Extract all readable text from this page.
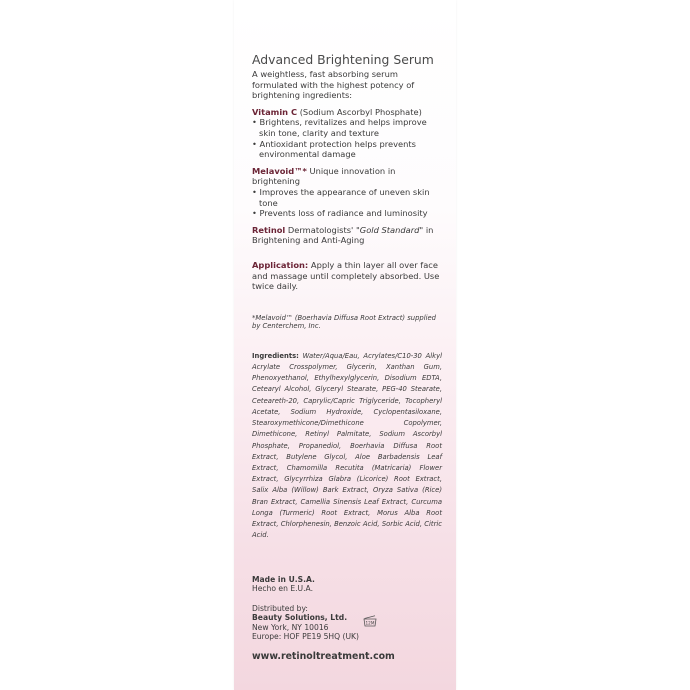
Advanced Brightening Serum

A weightless, fast absorbing serum formulated with the highest potency of brightening ingredients:

Vitamin C (Sodium Ascorbyl Phosphate)

• Brightens, revitalizes and helps improve skin tone, clarity and texture
• Antioxidant protection helps prevents environmental damage

Melavoid™* Unique innovation in brightening

• Improves the appearance of uneven skin tone
• Prevents loss of radiance and luminosity

Retinol Dermatologists' "Gold Standard" in Brightening and Anti-Aging

Application: Apply a thin layer all over face and massage until completely absorbed. Use twice daily.

*Melavoid™ (Boerhavia Diffusa Root Extract) supplied by Centerchem, Inc.

Ingredients: Water/Aqua/Eau, Acrylates/C10-30 Alkyl Acrylate Crosspolymer, Glycerin, Xanthan Gum, Phenoxyethanol, Ethylhexylglycerin, Disodium EDTA, Cetearyl Alcohol, Glyceryl Stearate, PEG-40 Stearate, Ceteareth-20, Caprylic/Capric Triglyceride, Tocopheryl Acetate, Sodium Hydroxide, Cyclopentasiloxane, Stearoxymethicone/Dimethicone Copolymer, Dimethicone, Retinyl Palmitate, Sodium Ascorbyl Phosphate, Propanediol, Boerhavia Diffusa Root Extract, Butylene Glycol, Aloe Barbadensis Leaf Extract, Chamomilla Recutita (Matricaria) Flower Extract, Glycyrrhiza Glabra (Licorice) Root Extract, Salix Alba (Willow) Bark Extract, Oryza Sativa (Rice) Bran Extract, Camellia Sinensis Leaf Extract, Curcuma Longa (Turmeric) Root Extract, Morus Alba Root Extract, Chlorphenesin, Benzoic Acid, Sorbic Acid, Citric Acid.

Made in U.S.A.

Hecho en E.U.A.

Distributed by:

Beauty Solutions, Ltd.

New York, NY 10016

Europe: HOF PE19 5HQ (UK)

12M

www.retinoltreatment.com
